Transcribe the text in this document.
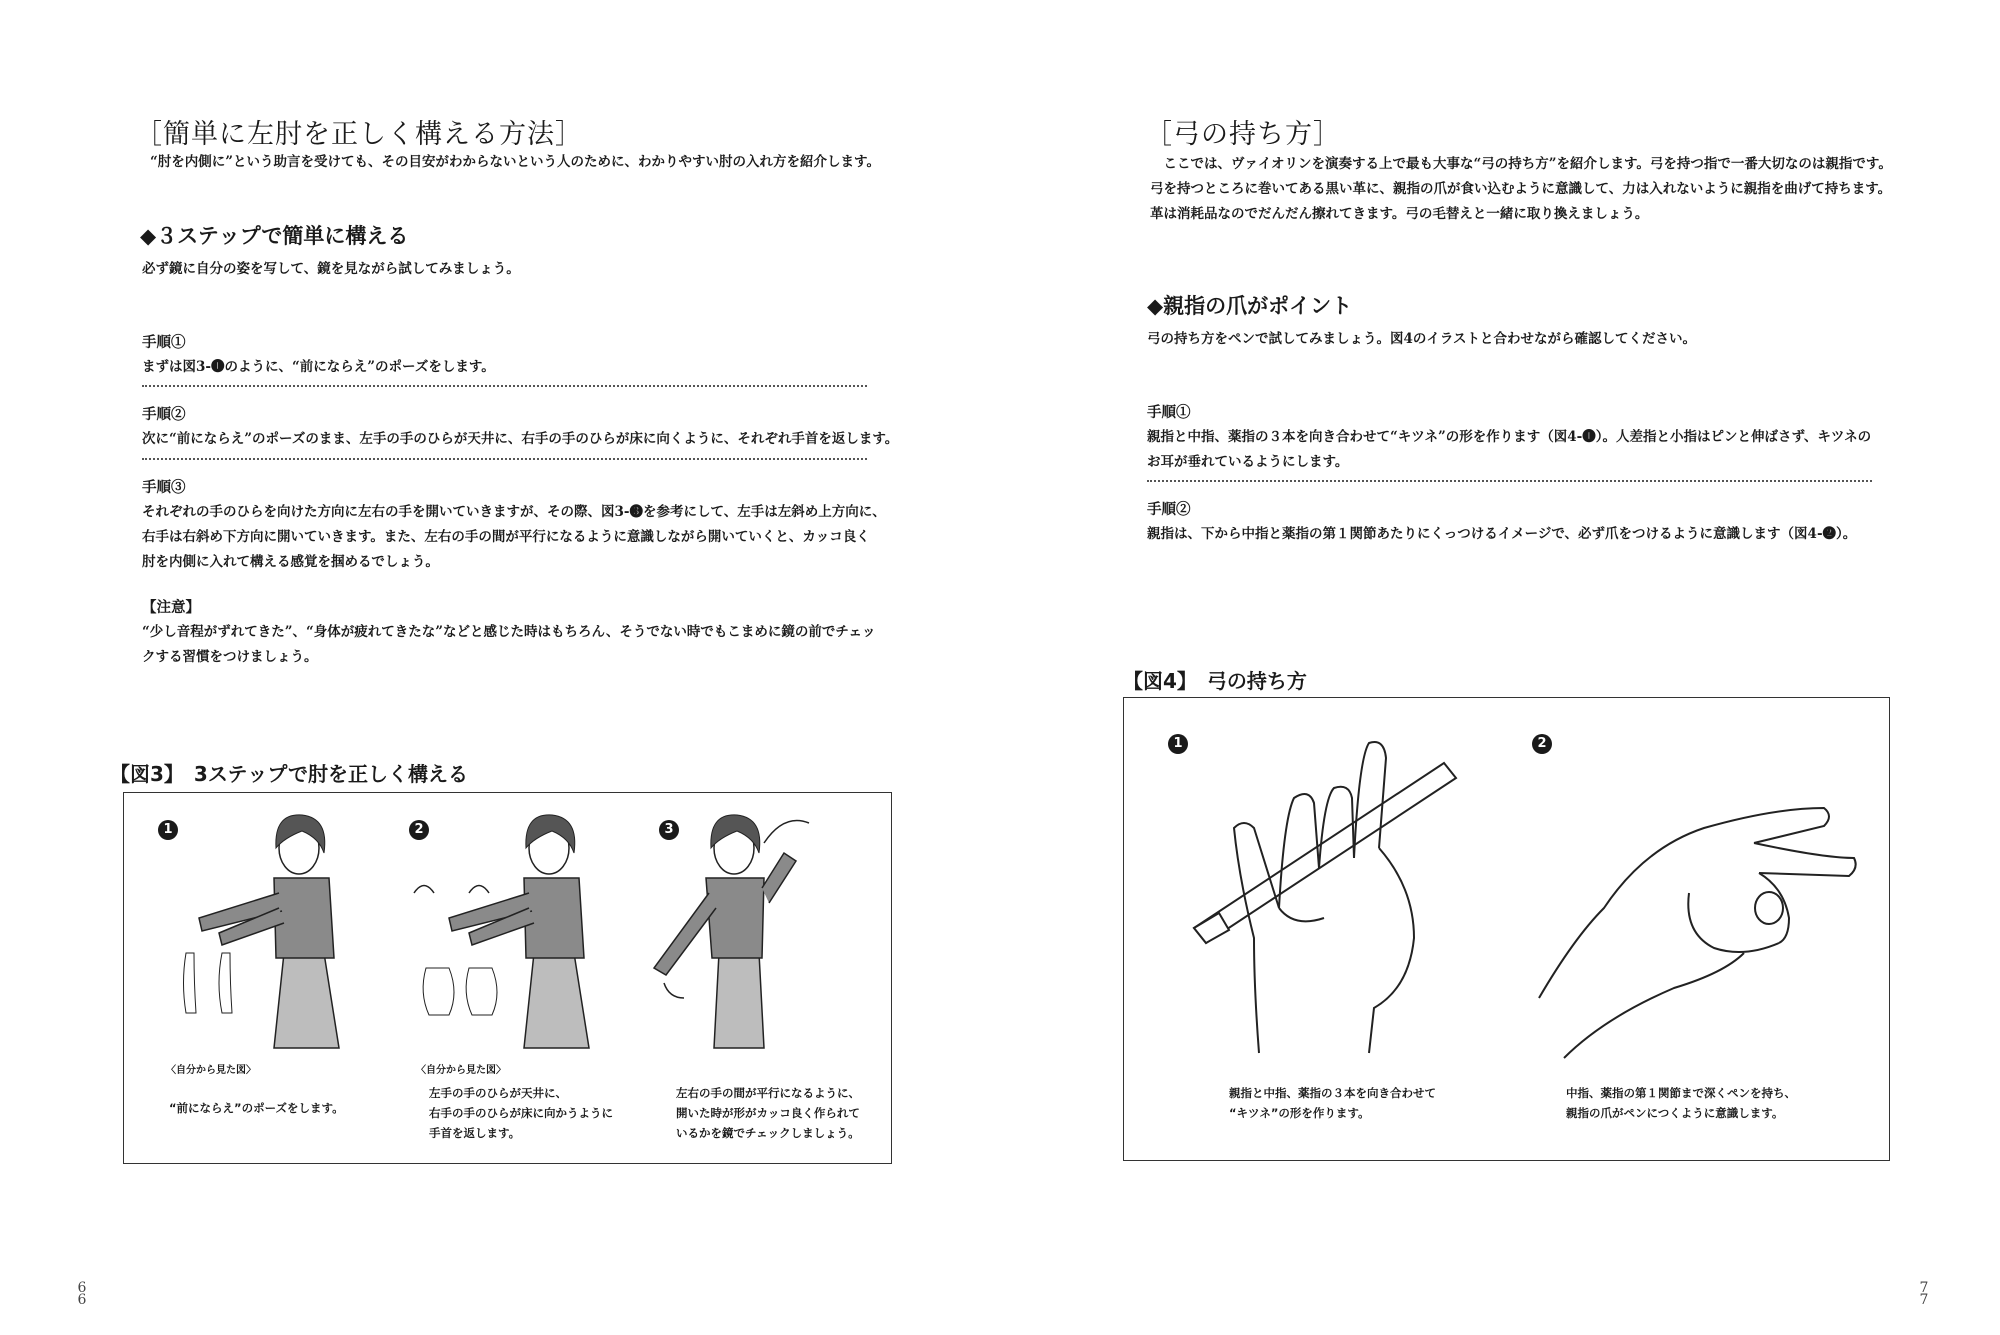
［簡単に左肘を正しく構える方法］
“肘を内側に”という助言を受けても、その目安がわからないという人のために、わかりやすい肘の入れ方を紹介します。
◆３ステップで簡単に構える
必ず鏡に自分の姿を写して、鏡を見ながら試してみましょう。
手順①
まずは図3-❶のように、“前にならえ”のポーズをします。
手順②
次に“前にならえ”のポーズのまま、左手の手のひらが天井に、右手の手のひらが床に向くように、それぞれ手首を返します。
手順③
それぞれの手のひらを向けた方向に左右の手を開いていきますが、その際、図3-❸を参考にして、左手は左斜め上方向に、
右手は右斜め下方向に開いていきます。また、左右の手の間が平行になるように意識しながら開いていくと、カッコ良く
肘を内側に入れて構える感覚を掴めるでしょう。
【注意】
“少し音程がずれてきた”、“身体が疲れてきたな”などと感じた時はもちろん、そうでない時でもこまめに鏡の前でチェッ
クする習慣をつけましょう。
【図3】　3ステップで肘を正しく構える
1
〈自分から見た図〉
“前にならえ”のポーズをします。
2
〈自分から見た図〉
左手の手のひらが天井に、
右手の手のひらが床に向かうように
手首を返します。
3
左右の手の間が平行になるように、
開いた時が形がカッコ良く作られて
いるかを鏡でチェックしましょう。
6
6
［弓の持ち方］
　ここでは、ヴァイオリンを演奏する上で最も大事な“弓の持ち方”を紹介します。弓を持つ指で一番大切なのは親指です。
弓を持つところに巻いてある黒い革に、親指の爪が食い込むように意識して、力は入れないように親指を曲げて持ちます。
革は消耗品なのでだんだん擦れてきます。弓の毛替えと一緒に取り換えましょう。
◆親指の爪がポイント
弓の持ち方をペンで試してみましょう。図4のイラストと合わせながら確認してください。
手順①
親指と中指、薬指の３本を向き合わせて“キツネ”の形を作ります（図4-❶）。人差指と小指はピンと伸ばさず、キツネの
お耳が垂れているようにします。
手順②
親指は、下から中指と薬指の第１関節あたりにくっつけるイメージで、必ず爪をつけるように意識します（図4-❷）。
【図4】　弓の持ち方
1
親指と中指、薬指の３本を向き合わせて
“キツネ”の形を作ります。
2
中指、薬指の第１関節まで深くペンを持ち、
親指の爪がペンにつくように意識します。
7
7
